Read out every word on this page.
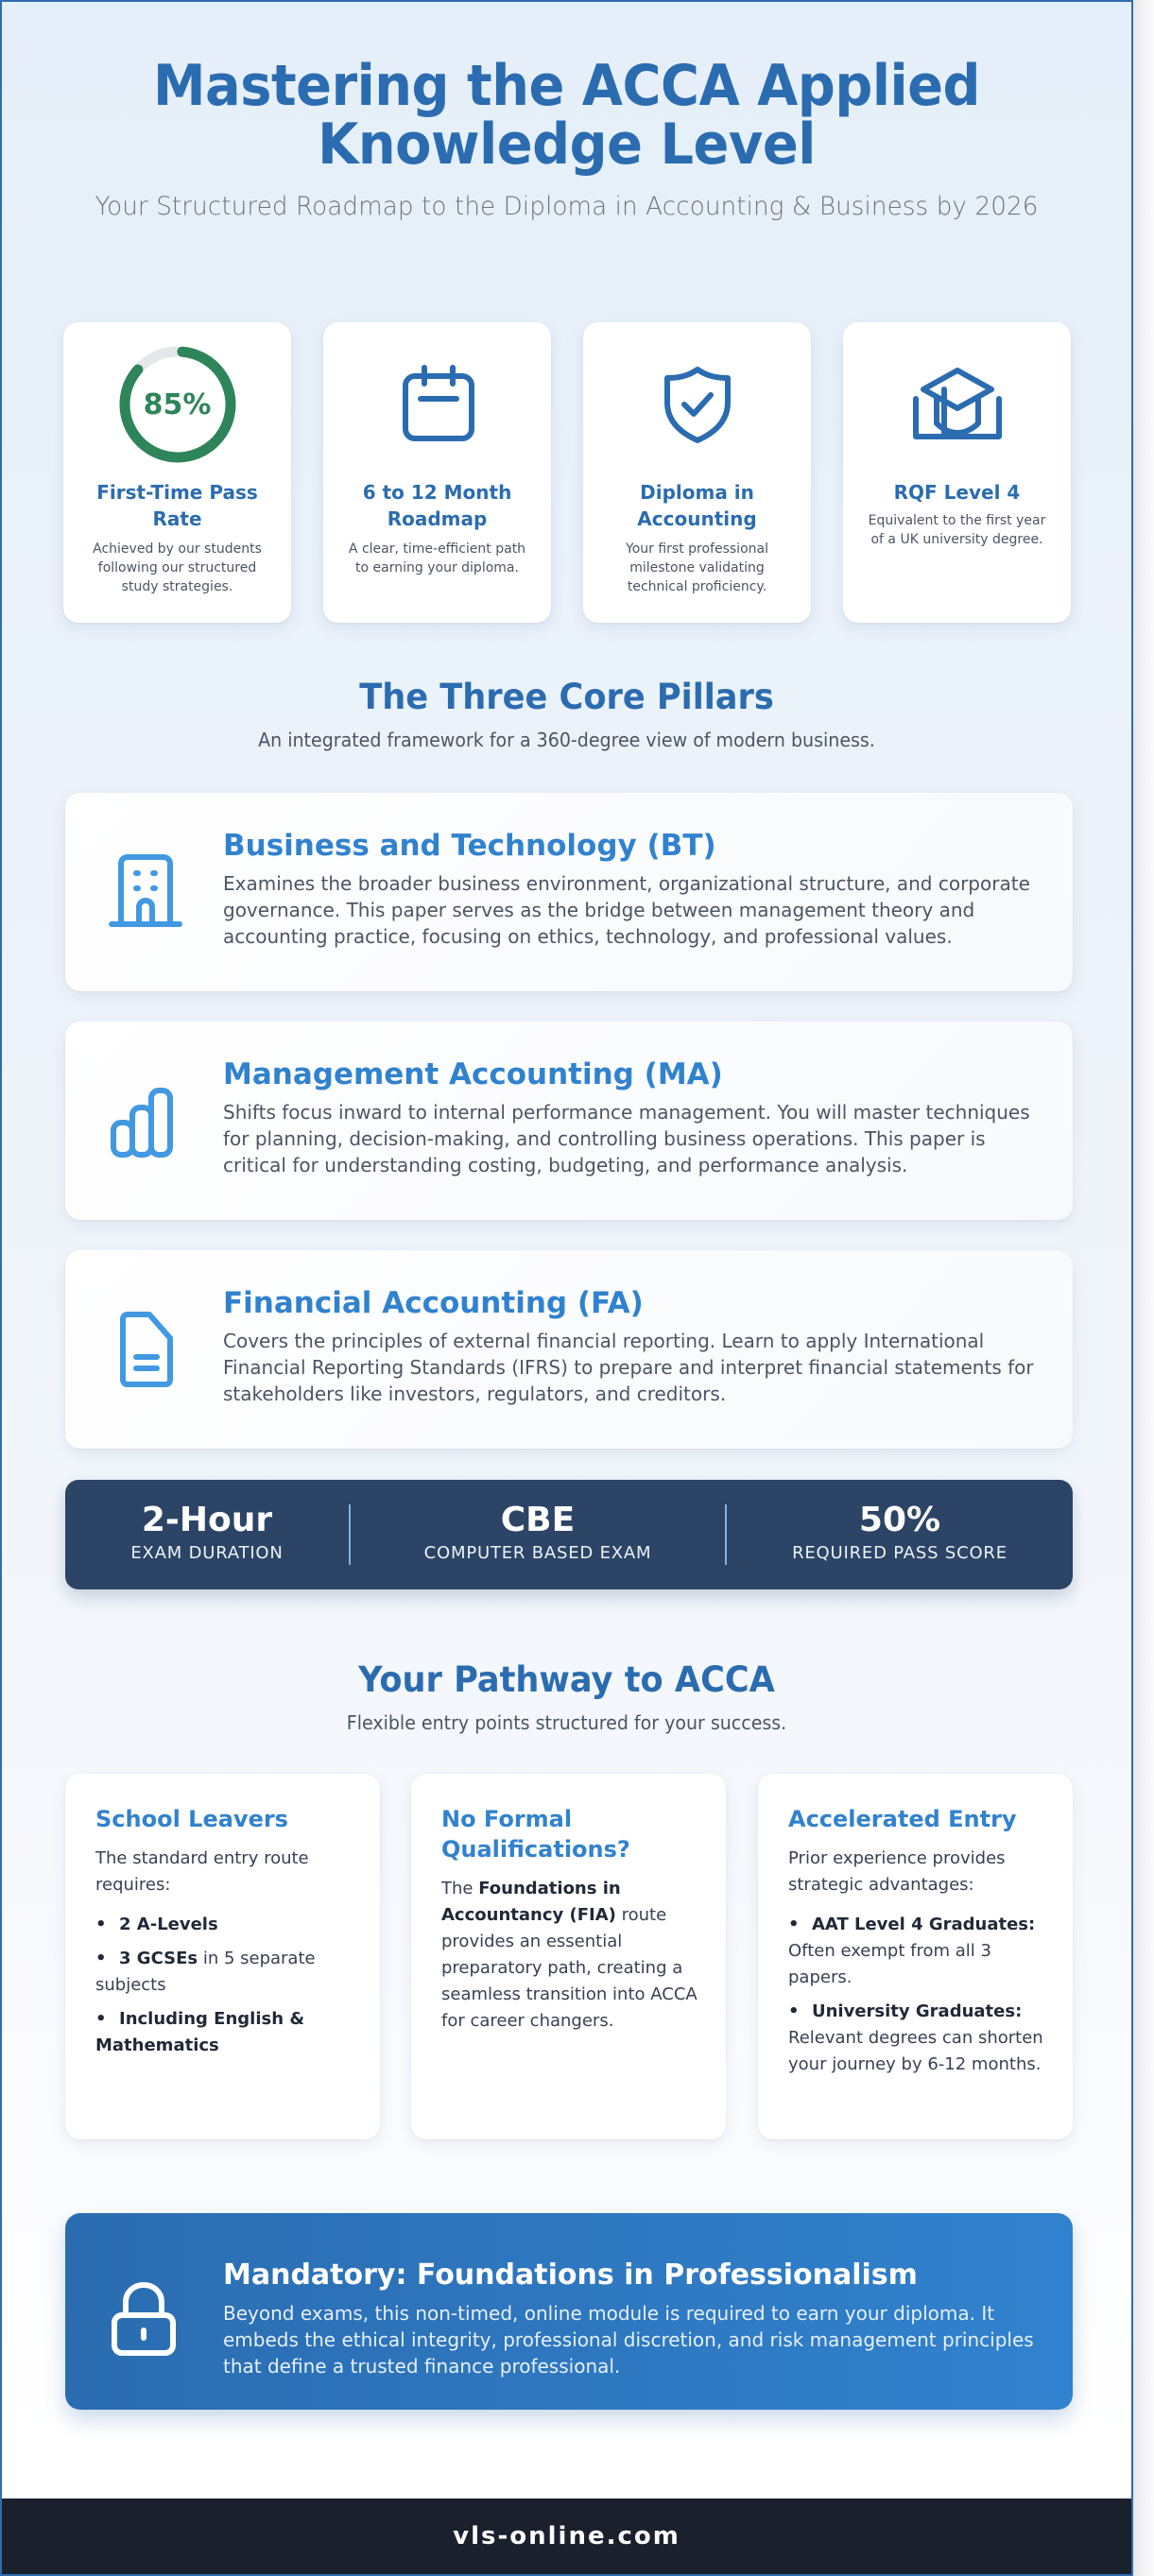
Mastering the ACCA Applied Knowledge Level

Your Structured Roadmap to the Diploma in Accounting & Business by 2026

85%
First-Time Pass Rate
Achieved by our students following our structured study strategies.
6 to 12 Month Roadmap
A clear, time-efficient path to earning your diploma.
Diploma in Accounting
Your first professional milestone validating technical proficiency.
RQF Level 4
Equivalent to the first year of a UK university degree.
The Three Core Pillars

An integrated framework for a 360-degree view of modern business.

Business and Technology (BT)

Examines the broader business environment, organizational structure, and corporate governance. This paper serves as the bridge between management theory and accounting practice, focusing on ethics, technology, and professional values.

Management Accounting (MA)

Shifts focus inward to internal performance management. You will master techniques for planning, decision-making, and controlling business operations. This paper is critical for understanding costing, budgeting, and performance analysis.

Financial Accounting (FA)

Covers the principles of external financial reporting. Learn to apply International Financial Reporting Standards (IFRS) to prepare and interpret financial statements for stakeholders like investors, regulators, and creditors.

2-Hour
EXAM DURATION
CBE
COMPUTER BASED EXAM
50%
REQUIRED PASS SCORE
Your Pathway to ACCA

Flexible entry points structured for your success.

School Leavers

The standard entry route requires:

• 2 A-Levels
• 3 GCSEs in 5 separate subjects
• Including English & Mathematics
No Formal Qualifications?

The Foundations in Accountancy (FIA) route provides an essential preparatory path, creating a seamless transition into ACCA for career changers.

Accelerated Entry

Prior experience provides strategic advantages:

• AAT Level 4 Graduates: Often exempt from all 3 papers.
• University Graduates: Relevant degrees can shorten your journey by 6-12 months.
Mandatory: Foundations in Professionalism

Beyond exams, this non-timed, online module is required to earn your diploma. It embeds the ethical integrity, professional discretion, and risk management principles that define a trusted finance professional.

vls-online.com
